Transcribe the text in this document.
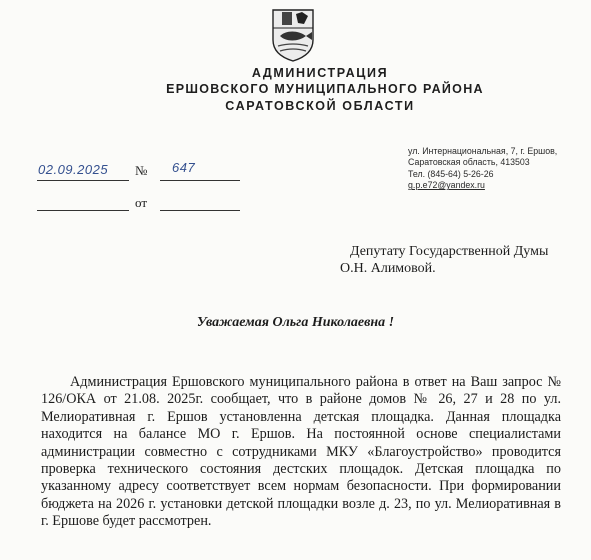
АДМИНИСТРАЦИЯ
ЕРШОВСКОГО МУНИЦИПАЛЬНОГО РАЙОНА
САРАТОВСКОЙ ОБЛАСТИ
ул. Интернациональная, 7, г. Ершов,
Саратовская область, 413503
Тел. (845-64) 5-26-26
g.p.e72@yandex.ru
02.09.2025 № 647
от
Депутату Государственной Думы
О.Н. Алимовой.
Уважаемая Ольга Николаевна !

Администрация Ершовского муниципального района в ответ на Ваш запрос № 126/ОКА от 21.08. 2025г. сообщает, что в районе домов № 26, 27 и 28 по ул. Мелиоративная г. Ершов установленна детская площадка. Данная площадка находится на балансе МО г. Ершов. На постоянной основе специалистами администрации совместно с сотрудниками МКУ «Благоустройство» проводится проверка технического состояния дестских площадок. Детская площадка по указанному адресу соответствует всем нормам безопасности. При формировании бюджета на 2026 г. установки детской площадки возле д. 23, по ул. Мелиоративная в г. Ершове будет рассмотрен.
